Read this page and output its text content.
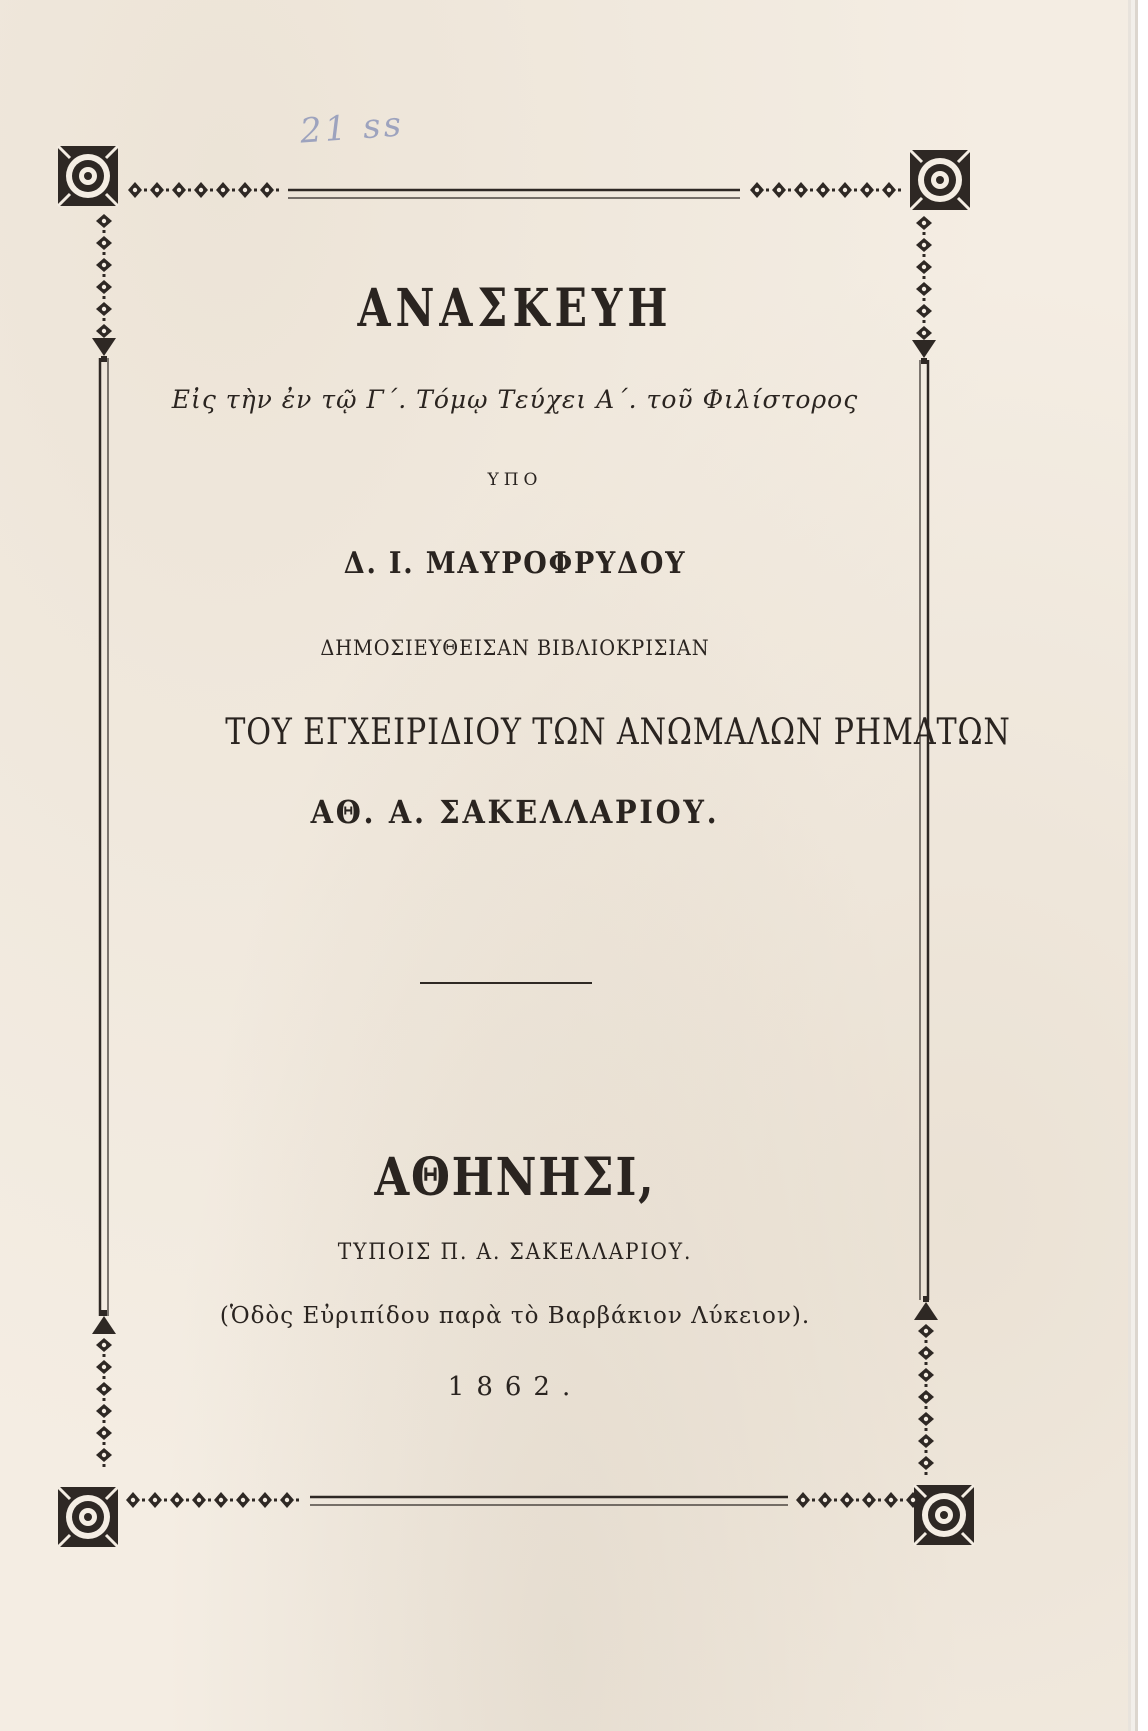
21 ss
ΑΝΑΣΚΕΥΗ
Εἰς τὴν ἐν τῷ Γ΄. Τόμῳ Τεύχει Α΄. τοῦ Φιλίστορος
ΥΠΟ
Δ. Ι. ΜΑΥΡΟΦΡΥΔΟΥ
ΔΗΜΟΣΙΕΥΘΕΙΣΑΝ ΒΙΒΛΙΟΚΡΙΣΙΑΝ
ΤΟΥ ΕΓΧΕΙΡΙΔΙΟΥ ΤΩΝ ΑΝΩΜΑΛΩΝ ΡΗΜΑΤΩΝ
ΑΘ. Α. ΣΑΚΕΛΛΑΡΙΟΥ.
ΑΘΗΝΗΣΙ,
ΤΥΠΟΙΣ Π. Α. ΣΑΚΕΛΛΑΡΙΟΥ.
(Ὁδὸς Εὐριπίδου παρὰ τὸ Βαρβάκιον Λύκειον).
1862.
